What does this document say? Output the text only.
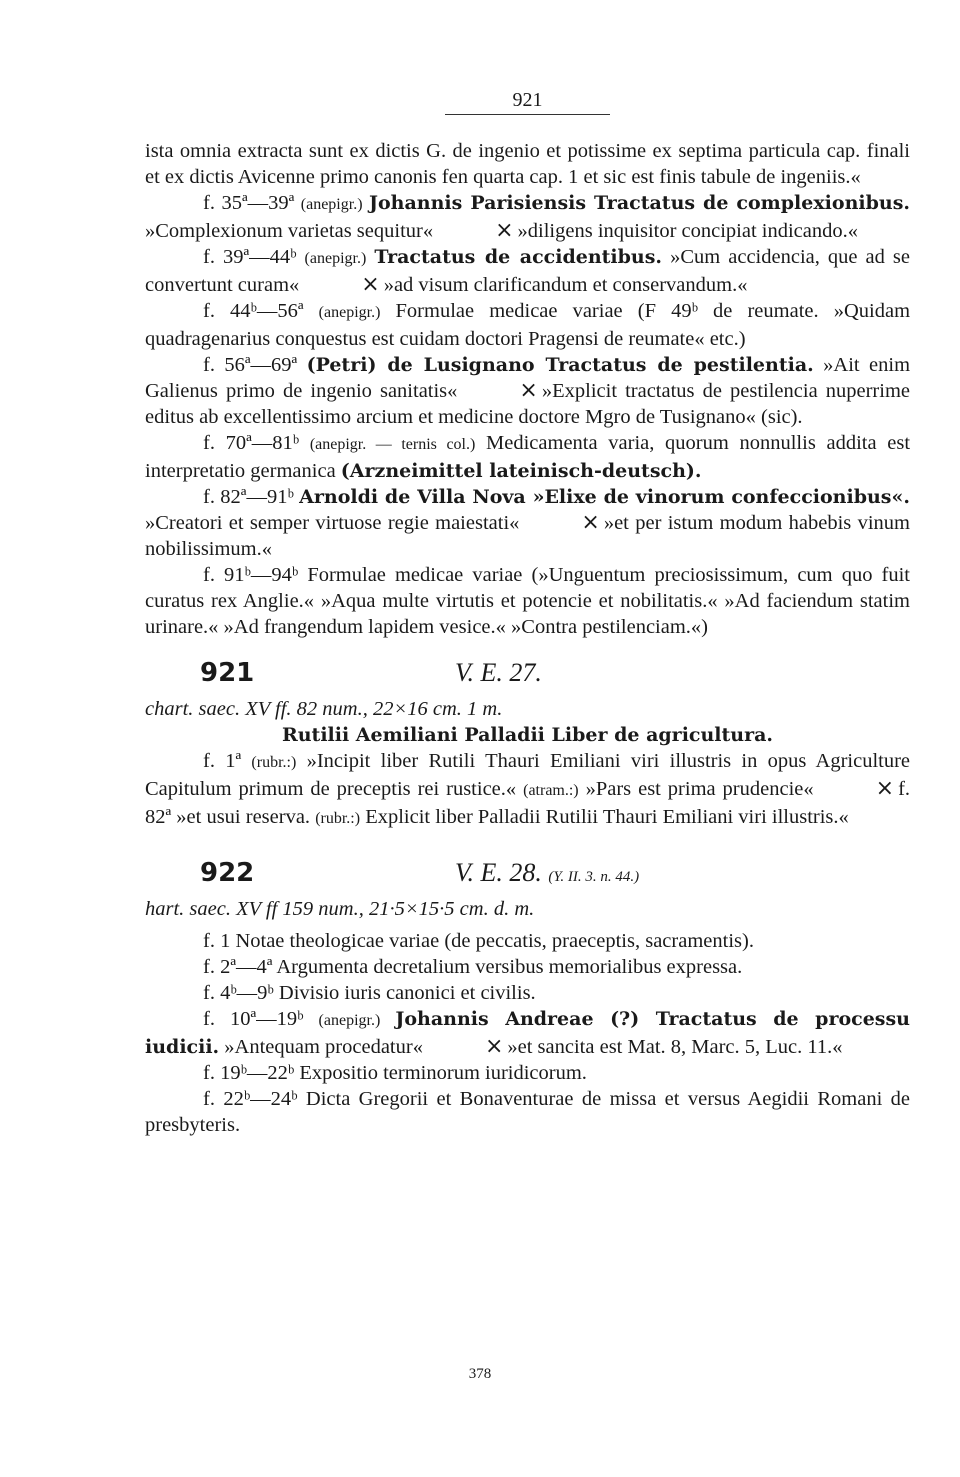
921

ista omnia extracta sunt ex dictis G. de ingenio et potissime ex septima particula cap. finali et ex dictis Avicenne primo canonis fen quarta cap. 1 et sic est finis tabule de ingeniis.«

f. 35ª—39ª (anepigr.) Johannis Parisiensis Tractatus de complexionibus. »Complexionum varietas sequitur«	× »diligens inquisitor concipiat indicando.«

f. 39ª—44ᵇ (anepigr.) Tractatus de accidentibus. »Cum accidencia, que ad se convertunt curam«	× »ad visum clarificandum et conservandum.«

f. 44ᵇ—56ª (anepigr.) Formulae medicae variae (F 49ᵇ de reumate. »Quidam quadragenarius conquestus est cuidam doctori Pragensi de reumate« etc.)

f. 56ª—69ª (Petri) de Lusignano Tractatus de pestilentia. »Ait enim Galienus primo de ingenio sanitatis«	× »Explicit tractatus de pestilencia nuperrime editus ab excellentissimo arcium et medicine doctore Mgro de Tusignano« (sic).

f. 70ª—81ᵇ (anepigr. — ternis col.) Medicamenta varia, quorum nonnullis addita est interpretatio germanica (Arzneimittel lateinisch-deutsch).

f. 82ª—91ᵇ Arnoldi de Villa Nova »Elixe de vinorum confeccionibus«. »Creatori et semper virtuose regie maiestati«	× »et per istum modum habebis vinum nobilissimum.«

f. 91ᵇ—94ᵇ Formulae medicae variae (»Unguentum preciosissimum, cum quo fuit curatus rex Anglie.« »Aqua multe virtutis et potencie et nobilitatis.« »Ad faciendum statim urinare.« »Ad frangendum lapidem vesice.« »Contra pestilenciam.«)

921	V. E. 27.

chart. saec. XV ff. 82 num., 22×16 cm. 1 m.

Rutilii Aemiliani Palladii Liber de agricultura.

f. 1ª (rubr.:) »Incipit liber Rutili Thauri Emiliani viri illustris in opus Agriculture Capitulum primum de preceptis rei rustice.« (atram.:) »Pars est prima prudencie«	× f. 82ª »et usui reserva. (rubr.:) Explicit liber Palladii Rutilii Thauri Emiliani viri illustris.«

922	V. E. 28. (Y. II. 3. n. 44.)

hart. saec. XV ff 159 num., 21·5×15·5 cm. d. m.

f. 1 Notae theologicae variae (de peccatis, praeceptis, sacramentis).

f. 2ª—4ª Argumenta decretalium versibus memorialibus expressa.

f. 4ᵇ—9ᵇ Divisio iuris canonici et civilis.

f. 10ª—19ᵇ (anepigr.) Johannis Andreae (?) Tractatus de processu iudicii. »Antequam procedatur«	× »et sancita est Mat. 8, Marc. 5, Luc. 11.«

f. 19ᵇ—22ᵇ Expositio terminorum iuridicorum.

f. 22ᵇ—24ᵇ Dicta Gregorii et Bonaventurae de missa et versus Aegidii Romani de presbyteris.

378
